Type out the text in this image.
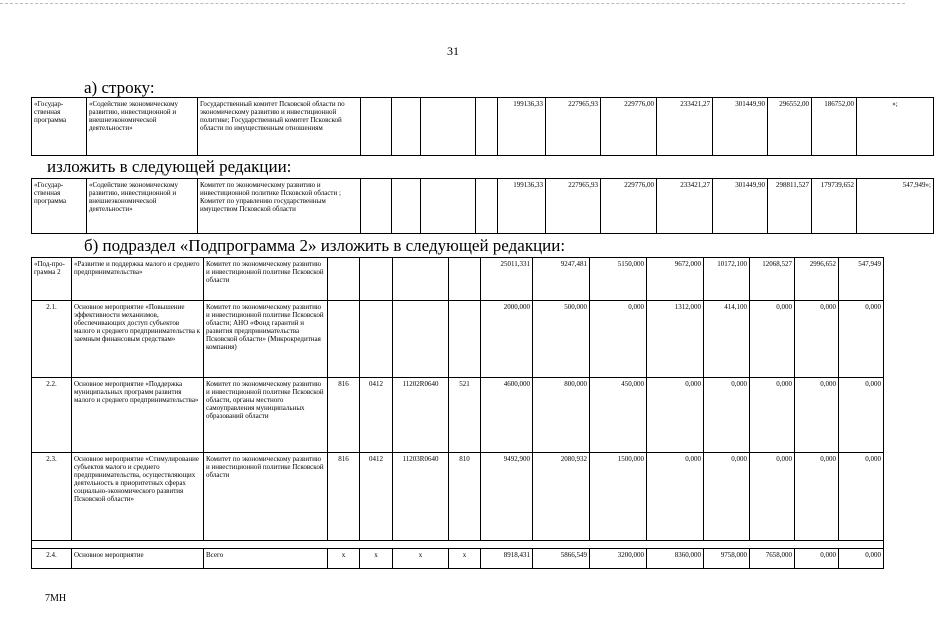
31
а) строку:
«Государ-ственная программа	«Содействие экономическому развитию, инвестиционной и внешнеэкономической деятельности»	Государственный комитет Псковской области по экономическому развитию и инвестиционной политике; Государственный комитет Псковской области по имущественным отношениям					199136,33	227965,93	229776,00	233421,27	301449,90	296552,00	186752,00	»;
изложить в следующей редакции:
«Государ-ственная программа	«Содействие экономическому развитию, инвестиционной и внешнеэкономической деятельности»	Комитет по экономическому развитию и инвестиционной политике Псковской области ; Комитет по управлению государственным имуществом Псковской области					199136,33	227965,93	229776,00	233421,27	301449,90	298811,527	179739,652	547,949»;
б) подраздел «Подпрограмма 2» изложить в следующей редакции:
«Под-про-грамма 2	«Развитие и поддержка малого и среднего предпринимательства»	Комитет по экономическому развитию и инвестиционной политике Псковской области					25011,331	9247,481	5150,000	9672,000	10172,100	12068,527	2996,652	547,949
2.1.	Основное мероприятие «Повышение эффективности механизмов, обеспечивающих доступ субъектов малого и среднего предпринимательства к заемным финансовым средствам»	Комитет по экономическому развитию и инвестиционной политике Псковской области; АНО «Фонд гарантий и развития предпринимательства Псковской области» (Микрокредитная компания)					2000,000	500,000	0,000	1312,000	414,100	0,000	0,000	0,000
2.2.	Основное мероприятие «Поддержка муниципальных программ развития малого и среднего предпринимательства»	Комитет по экономическому развитию и инвестиционной политике Псковской области, органы местного самоуправления муниципальных образований области	816	0412	11202R0640	521	4600,000	800,000	450,000	0,000	0,000	0,000	0,000	0,000
2.3.	Основное мероприятие «Стимулирование субъектов малого и среднего предпринимательства, осуществляющих деятельность в приоритетных сферах социально-экономического развития Псковской области»	Комитет по экономическому развитию и инвестиционной политике Псковской области	816	0412	11203R0640	810	9492,900	2080,932	1500,000	0,000	0,000	0,000	0,000	0,000

2.4.	Основное мероприятие	Всего	х	х	х	х	8918,431	5866,549	3200,000	8360,000	9758,000	7658,000	0,000	0,000
7МН
